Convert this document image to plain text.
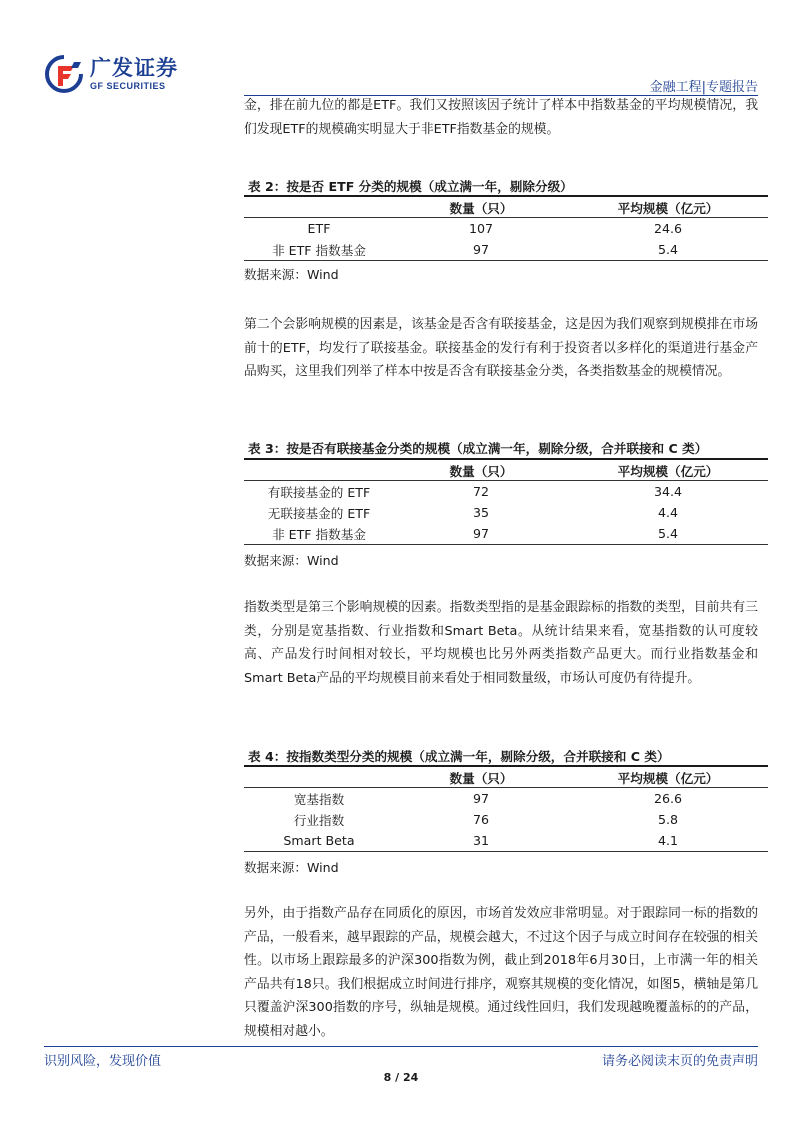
广发证券
GF SECURITIES	金融工程|专题报告

金，排在前九位的都是ETF。我们又按照该因子统计了样本中指数基金的平均规模情况，我们发现ETF的规模确实明显大于非ETF指数基金的规模。

表 2：按是否 ETF 分类的规模（成立满一年，剔除分级）
	数量（只）	平均规模（亿元）
ETF	107	24.6
非 ETF 指数基金	97	5.4
数据来源：Wind

第二个会影响规模的因素是，该基金是否含有联接基金，这是因为我们观察到规模排在市场前十的ETF，均发行了联接基金。联接基金的发行有利于投资者以多样化的渠道进行基金产品购买，这里我们列举了样本中按是否含有联接基金分类，各类指数基金的规模情况。

表 3：按是否有联接基金分类的规模（成立满一年，剔除分级，合并联接和 C 类）
	数量（只）	平均规模（亿元）
有联接基金的 ETF	72	34.4
无联接基金的 ETF	35	4.4
非 ETF 指数基金	97	5.4
数据来源：Wind

指数类型是第三个影响规模的因素。指数类型指的是基金跟踪标的指数的类型，目前共有三类，分别是宽基指数、行业指数和Smart Beta。从统计结果来看，宽基指数的认可度较高、产品发行时间相对较长，平均规模也比另外两类指数产品更大。而行业指数基金和Smart Beta产品的平均规模目前来看处于相同数量级，市场认可度仍有待提升。

表 4：按指数类型分类的规模（成立满一年，剔除分级，合并联接和 C 类）
	数量（只）	平均规模（亿元）
宽基指数	97	26.6
行业指数	76	5.8
Smart Beta	31	4.1
数据来源：Wind

另外，由于指数产品存在同质化的原因，市场首发效应非常明显。对于跟踪同一标的指数的产品，一般看来，越早跟踪的产品，规模会越大，不过这个因子与成立时间存在较强的相关性。以市场上跟踪最多的沪深300指数为例，截止到2018年6月30日，上市满一年的相关产品共有18只。我们根据成立时间进行排序，观察其规模的变化情况，如图5，横轴是第几只覆盖沪深300指数的序号，纵轴是规模。通过线性回归，我们发现越晚覆盖标的的产品，规模相对越小。

识别风险，发现价值	请务必阅读末页的免责声明
8 / 24
